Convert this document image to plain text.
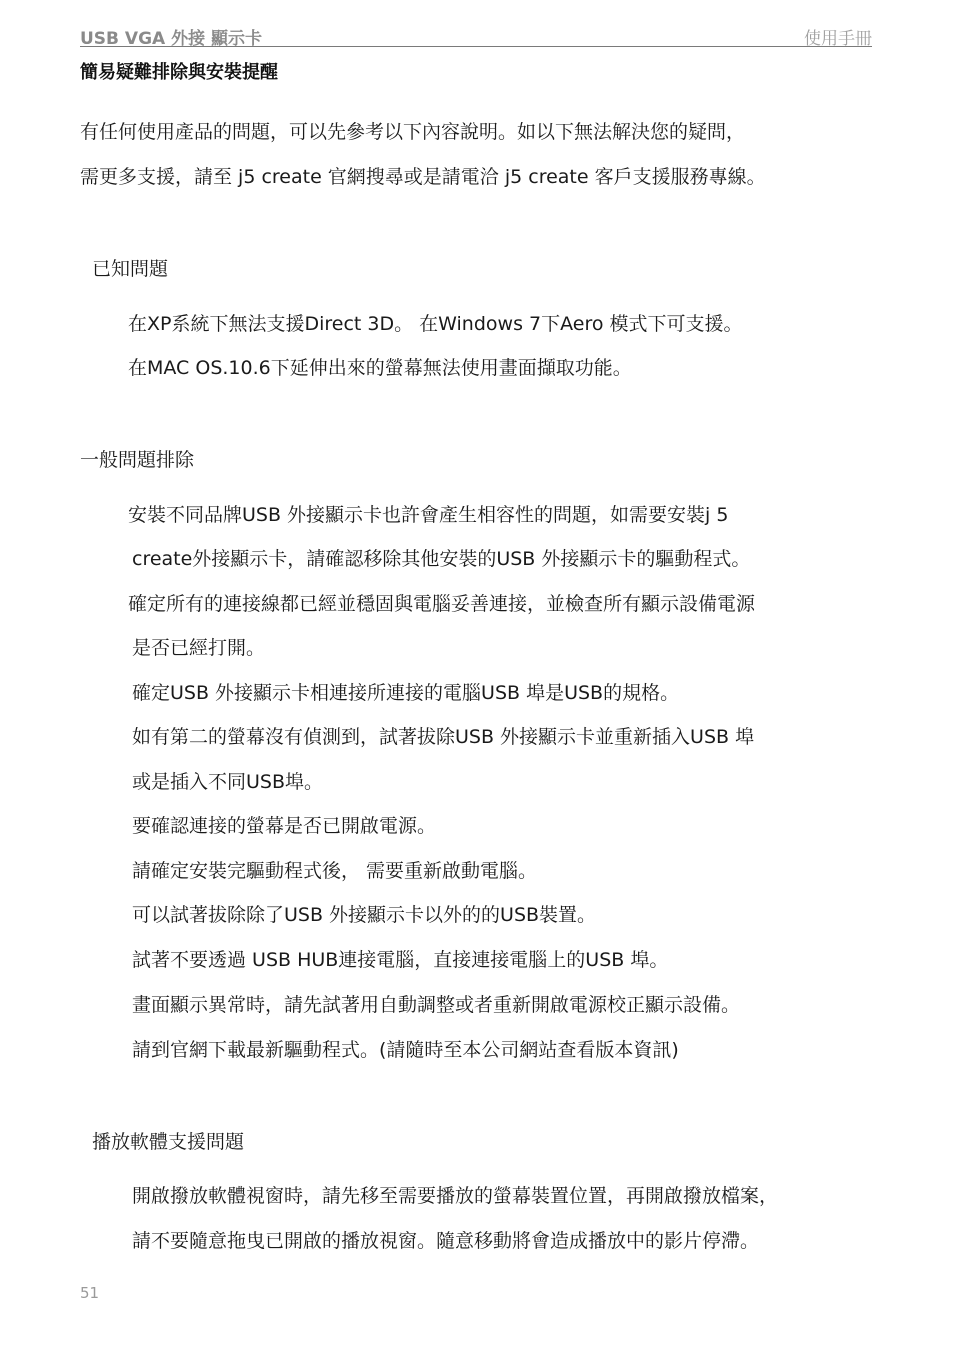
USB VGA 外接 顯示卡	使用手冊
簡易疑難排除與安裝提醒
有任何使用產品的問題，可以先參考以下內容說明。如以下無法解決您的疑問，
需更多支援，請至 j5 create 官網搜尋或是請電洽 j5 create 客戶支援服務專線。
已知問題
在XP系統下無法支援Direct 3D。 在Windows 7下Aero 模式下可支援。
在MAC OS.10.6下延伸出來的螢幕無法使用畫面擷取功能。
一般問題排除
安裝不同品牌USB 外接顯示卡也許會產生相容性的問題，如需要安裝j 5
create外接顯示卡，請確認移除其他安裝的USB 外接顯示卡的驅動程式。
確定所有的連接線都已經並穩固與電腦妥善連接，並檢查所有顯示設備電源
是否已經打開。
確定USB 外接顯示卡相連接所連接的電腦USB 埠是USB的規格。
如有第二的螢幕沒有偵測到，試著拔除USB 外接顯示卡並重新插入USB 埠
或是插入不同USB埠。
要確認連接的螢幕是否已開啟電源。
請確定安裝完驅動程式後， 需要重新啟動電腦。
可以試著拔除除了USB 外接顯示卡以外的的USB裝置。
試著不要透過 USB HUB連接電腦，直接連接電腦上的USB 埠。
畫面顯示異常時，請先試著用自動調整或者重新開啟電源校正顯示設備。
請到官網下載最新驅動程式。(請隨時至本公司網站查看版本資訊)
播放軟體支援問題
開啟撥放軟體視窗時，請先移至需要播放的螢幕裝置位置，再開啟撥放檔案，
請不要隨意拖曳已開啟的播放視窗。隨意移動將會造成播放中的影片停滯。
51
